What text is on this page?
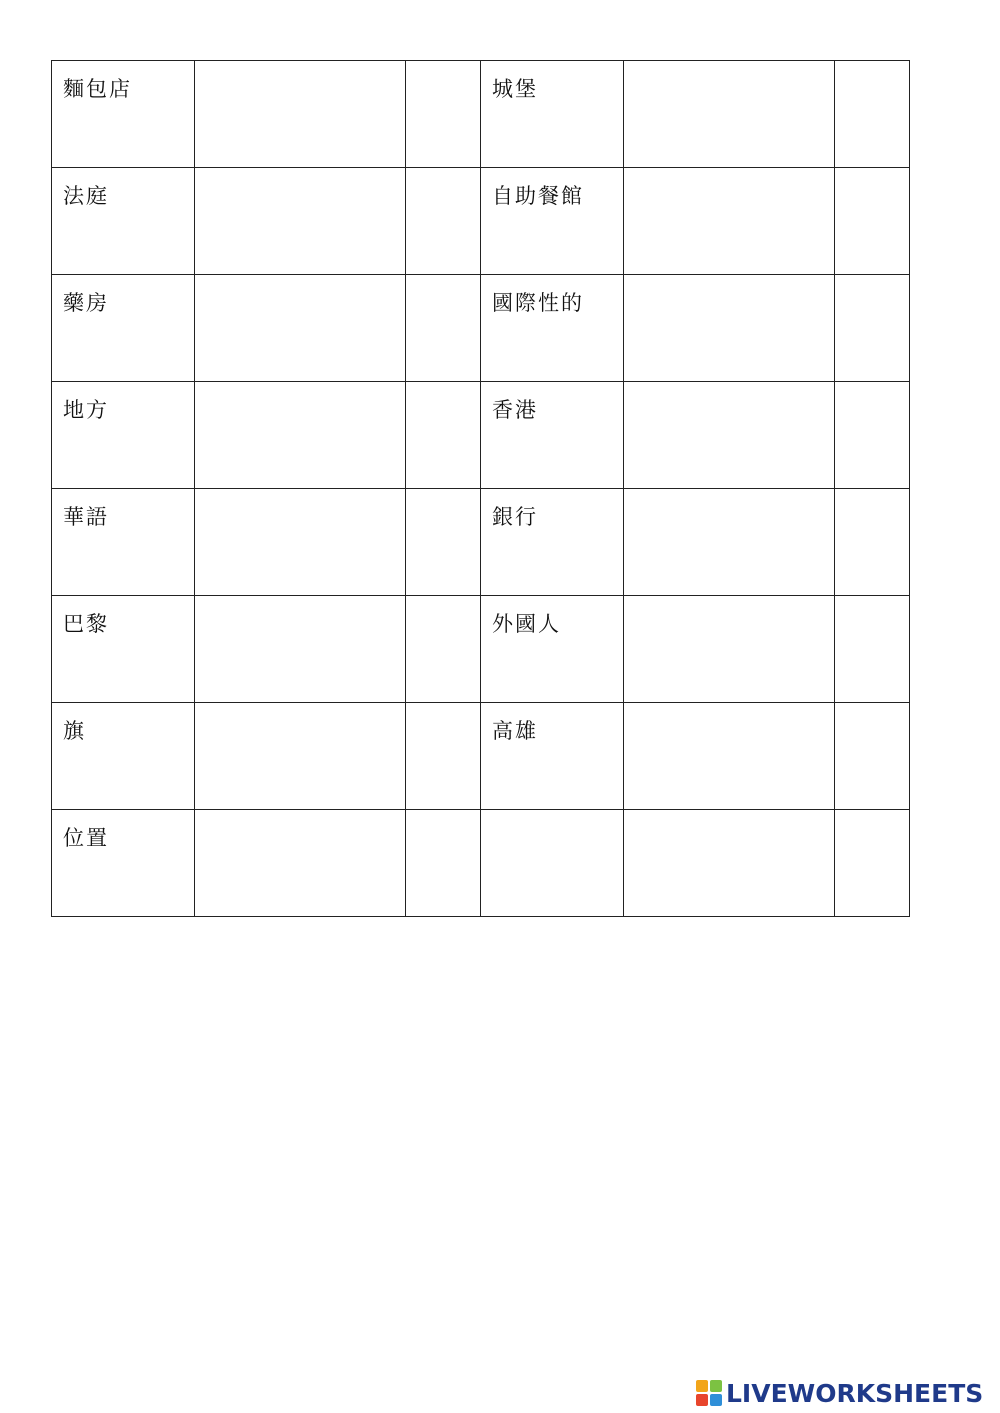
麵包店			城堡		
法庭			自助餐館		
藥房			國際性的		
地方			香港		
華語			銀行		
巴黎			外國人		
旗			高雄		
位置					
LIVEWORKSHEETS
